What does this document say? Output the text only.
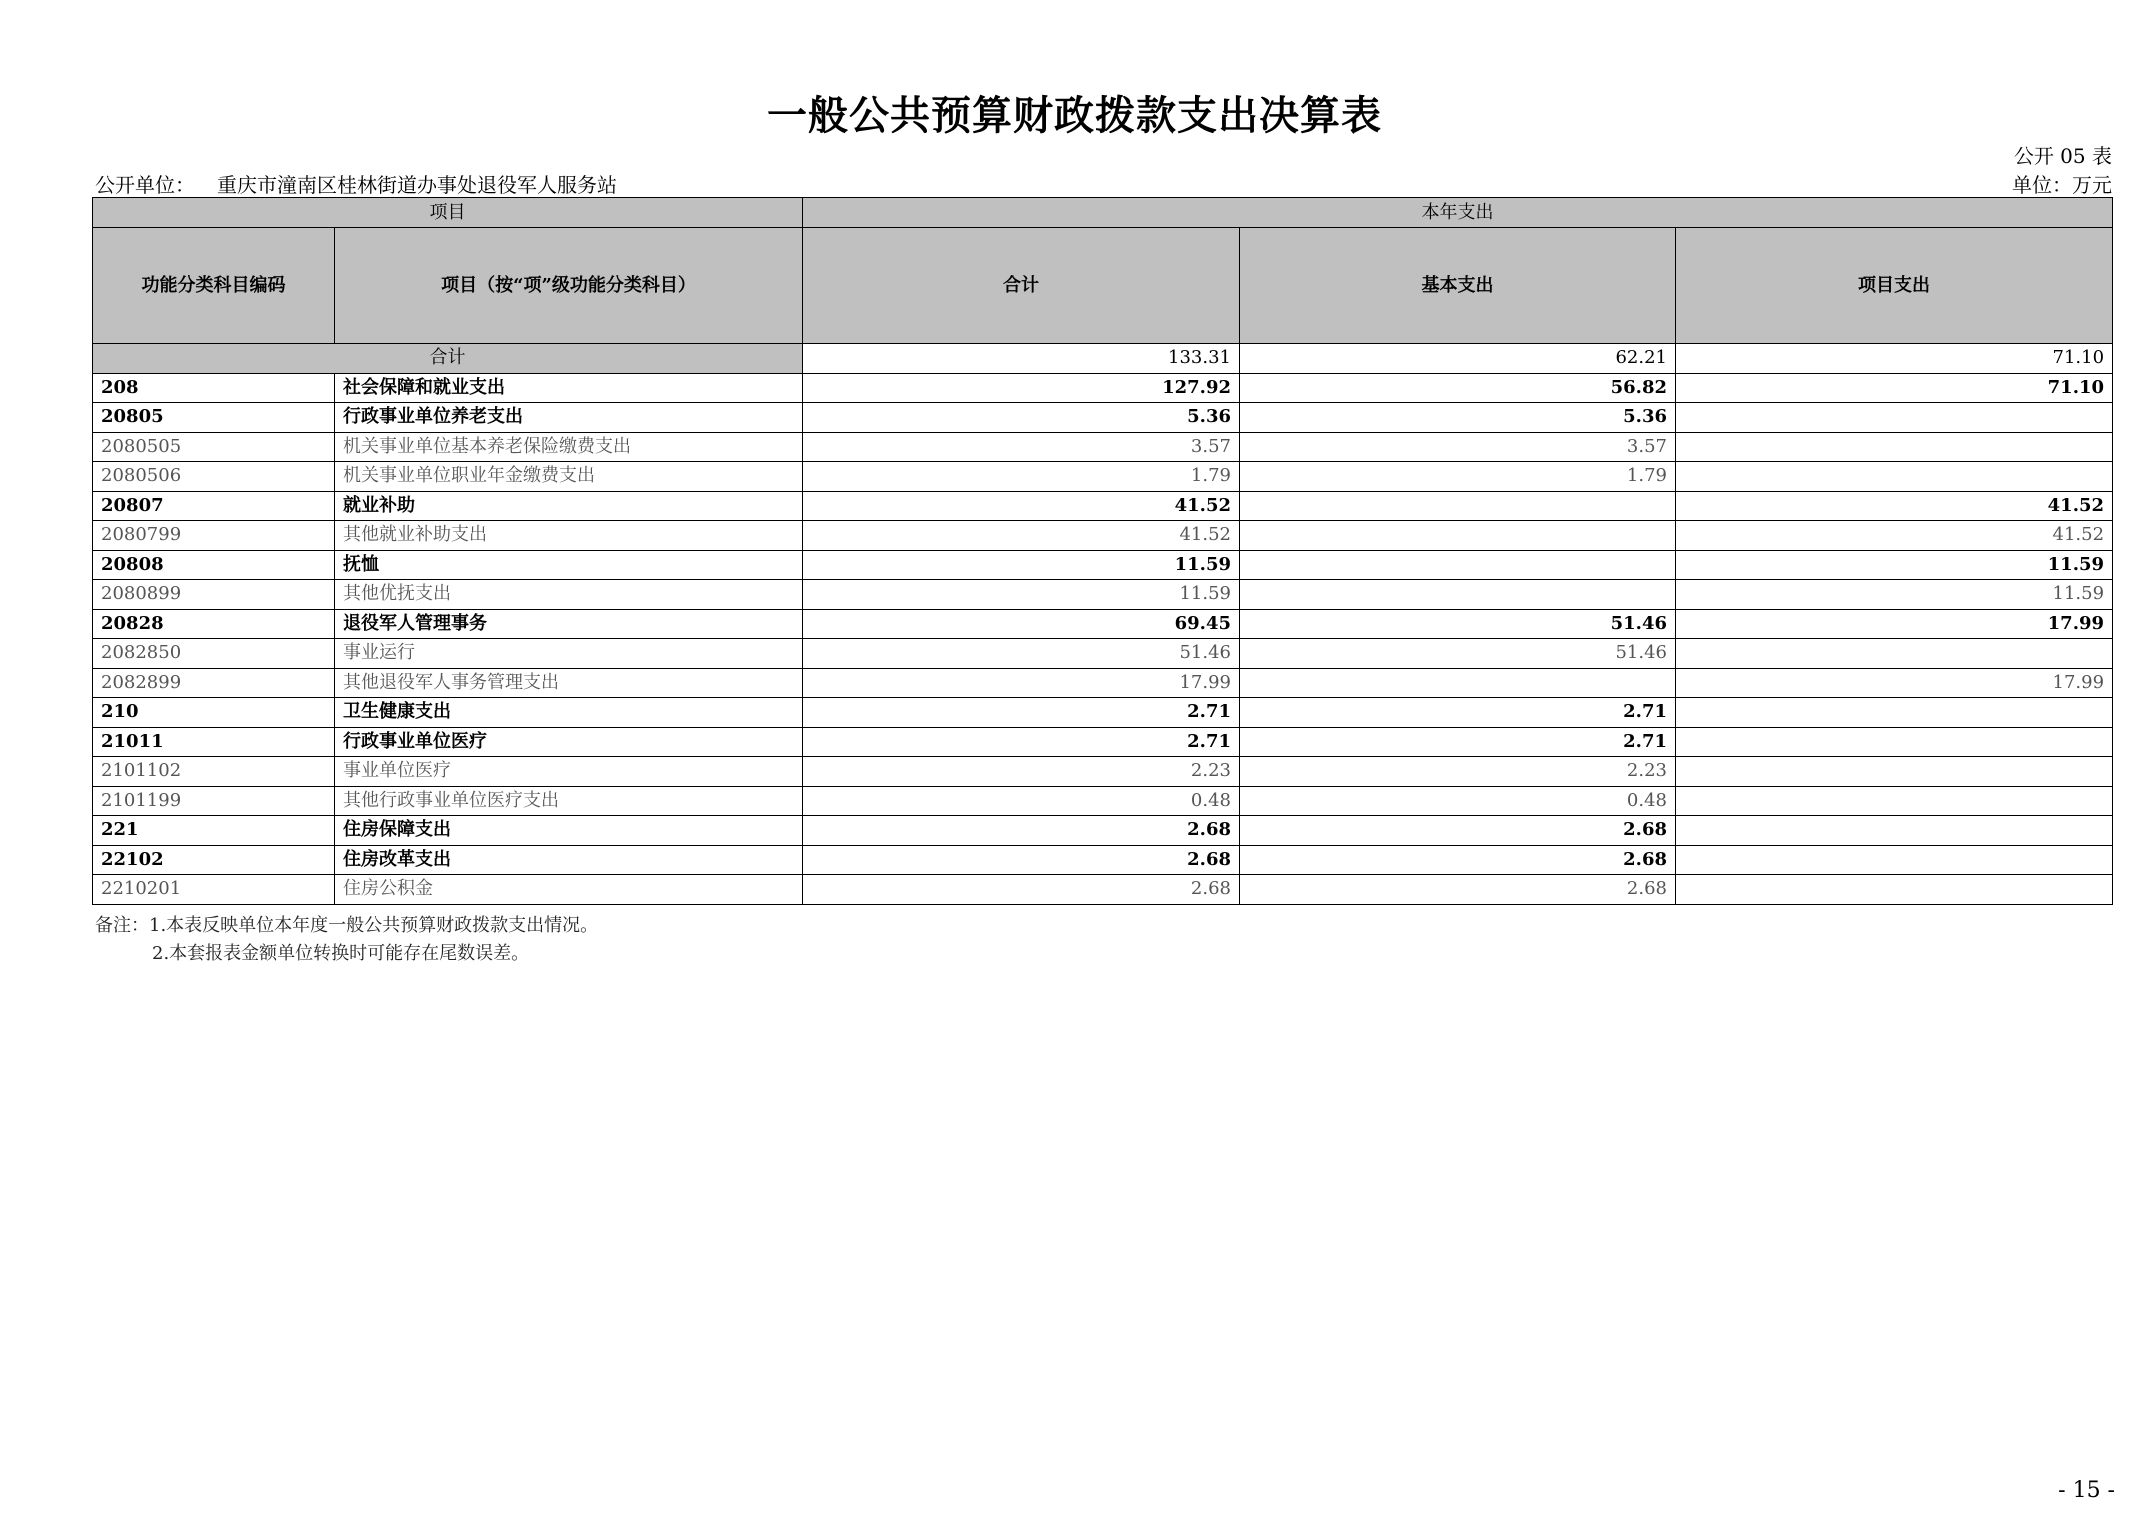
一般公共预算财政拨款支出决算表
公开 05 表
公开单位： 重庆市潼南区桂林街道办事处退役军人服务站	单位：万元
项目		本年支出		
功能分类科目编码	项目（按“项”级功能分类科目）	合计	基本支出	项目支出
合计		133.31	62.21	71.10
208	社会保障和就业支出	127.92	56.82	71.10
20805	行政事业单位养老支出	5.36	5.36	
2080505	机关事业单位基本养老保险缴费支出	3.57	3.57	
2080506	机关事业单位职业年金缴费支出	1.79	1.79	
20807	就业补助	41.52		41.52
2080799	其他就业补助支出	41.52		41.52
20808	抚恤	11.59		11.59
2080899	其他优抚支出	11.59		11.59
20828	退役军人管理事务	69.45	51.46	17.99
2082850	事业运行	51.46	51.46	
2082899	其他退役军人事务管理支出	17.99		17.99
210	卫生健康支出	2.71	2.71	
21011	行政事业单位医疗	2.71	2.71	
2101102	事业单位医疗	2.23	2.23	
2101199	其他行政事业单位医疗支出	0.48	0.48	
221	住房保障支出	2.68	2.68	
22102	住房改革支出	2.68	2.68	
2210201	住房公积金	2.68	2.68	
备注：1.本表反映单位本年度一般公共预算财政拨款支出情况。
2.本套报表金额单位转换时可能存在尾数误差。
- 15 -
